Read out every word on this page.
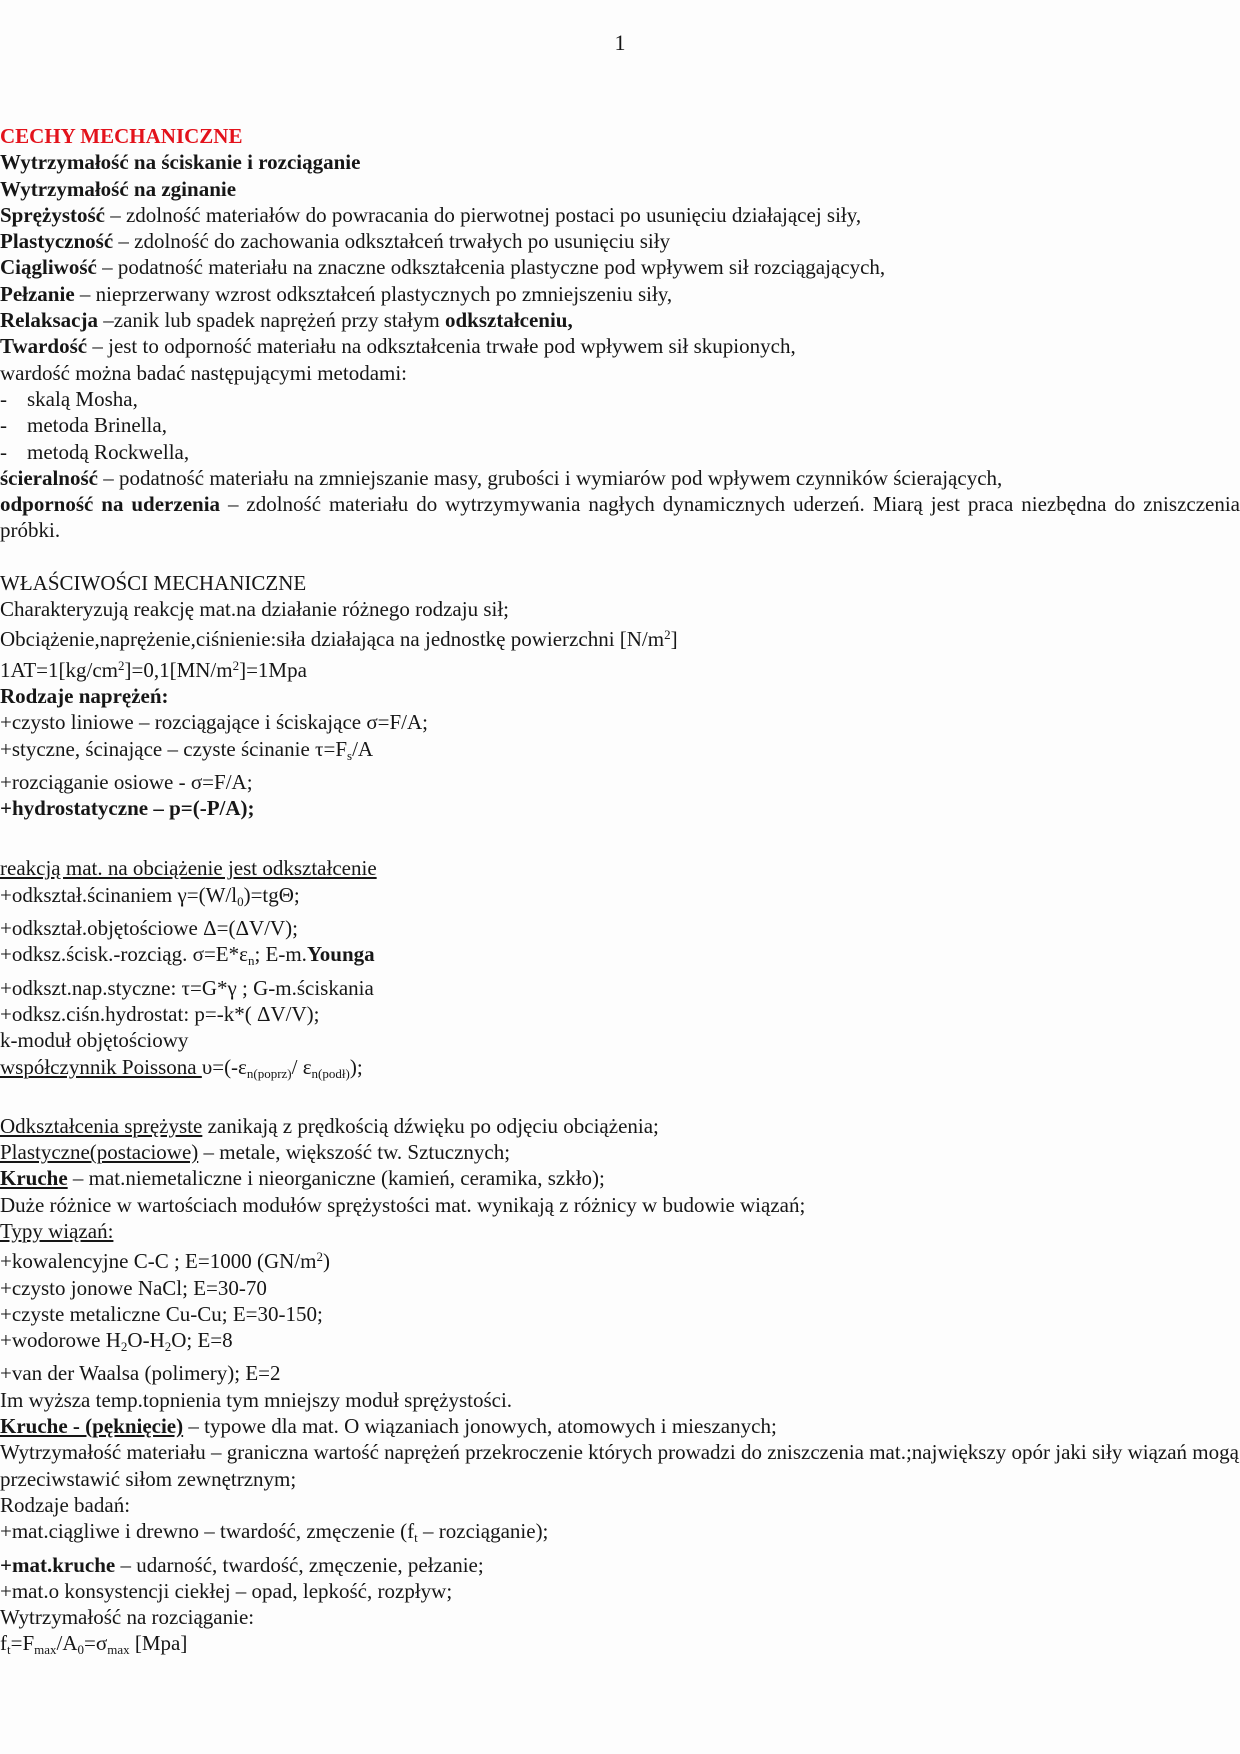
1

CECHY MECHANICZNE

Wytrzymałość na ściskanie i rozciąganie

Wytrzymałość na zginanie

Sprężystość – zdolność materiałów do powracania do pierwotnej postaci po usunięciu działającej siły,

Plastyczność – zdolność do zachowania odkształceń trwałych po usunięciu siły

Ciągliwość – podatność materiału na znaczne odkształcenia plastyczne pod wpływem sił rozciągających,

Pełzanie – nieprzerwany wzrost odkształceń plastycznych po zmniejszeniu siły,

Relaksacja –zanik lub spadek naprężeń przy stałym odkształceniu,

Twardość – jest to odporność materiału na odkształcenia trwałe pod wpływem sił skupionych,

wardość można badać następującymi metodami:

- skalą Mosha,

- metoda Brinella,

- metodą Rockwella,

ścieralność – podatność materiału na zmniejszanie masy, grubości i wymiarów pod wpływem czynników ścierających,

odporność na uderzenia – zdolność materiału do wytrzymywania nagłych dynamicznych uderzeń. Miarą jest praca niezbędna do zniszczenia próbki.

WŁAŚCIWOŚCI MECHANICZNE

Charakteryzują reakcję mat.na działanie różnego rodzaju sił;

Obciążenie,naprężenie,ciśnienie:siła działająca na jednostkę powierzchni $[N/m^2]$

$1AT=1[kg/cm^2]=0,1[MN/m^2]=1Mpa$

Rodzaje naprężeń:

+czysto liniowe – rozciągające i ściskające σ=F/A;

+styczne, ścinające – czyste ścinanie τ=Fs/A

+rozciąganie osiowe - σ=F/A;

+hydrostatyczne – p=(-P/A);

reakcją mat. na obciążenie jest odkształcenie

+odkształ.ścinaniem γ=(W/l0)=tgΘ;

+odkształ.objętościowe Δ=(ΔV/V);

+odksz.ścisk.-rozciąg. σ=E*εn; E-m.Younga

+odkszt.nap.styczne: τ=G*γ ; G-m.ściskania

+odksz.ciśn.hydrostat: p=-k*( ΔV/V);

k-moduł objętościowy

współczynnik Poissona υ=(-εn(poprz)/ εn(podł));

Odkształcenia sprężyste zanikają z prędkością dźwięku po odjęciu obciążenia;

Plastyczne(postaciowe) – metale, większość tw. Sztucznych;

Kruche – mat.niemetaliczne i nieorganiczne (kamień, ceramika, szkło);

Duże różnice w wartościach modułów sprężystości mat. wynikają z różnicy w budowie wiązań;

Typy wiązań:

+kowalencyjne C-C ; E=1000 $(GN/m^2)$

+czysto jonowe NaCl; E=30-70

+czyste metaliczne Cu-Cu; E=30-150;

+wodorowe H2O-H2O; E=8

+van der Waalsa (polimery); E=2

Im wyższa temp.topnienia tym mniejszy moduł sprężystości.

Kruche - (pęknięcie) – typowe dla mat. O wiązaniach jonowych, atomowych i mieszanych;

Wytrzymałość materiału – graniczna wartość naprężeń przekroczenie których prowadzi do zniszczenia mat.;największy opór jaki siły wiązań mogą przeciwstawić siłom zewnętrznym;

Rodzaje badań:

+mat.ciągliwe i drewno – twardość, zmęczenie (ft – rozciąganie);

+mat.kruche – udarność, twardość, zmęczenie, pełzanie;

+mat.o konsystencji ciekłej – opad, lepkość, rozpływ;

Wytrzymałość na rozciąganie:

ft=Fmax/A0=σmax [Mpa]
